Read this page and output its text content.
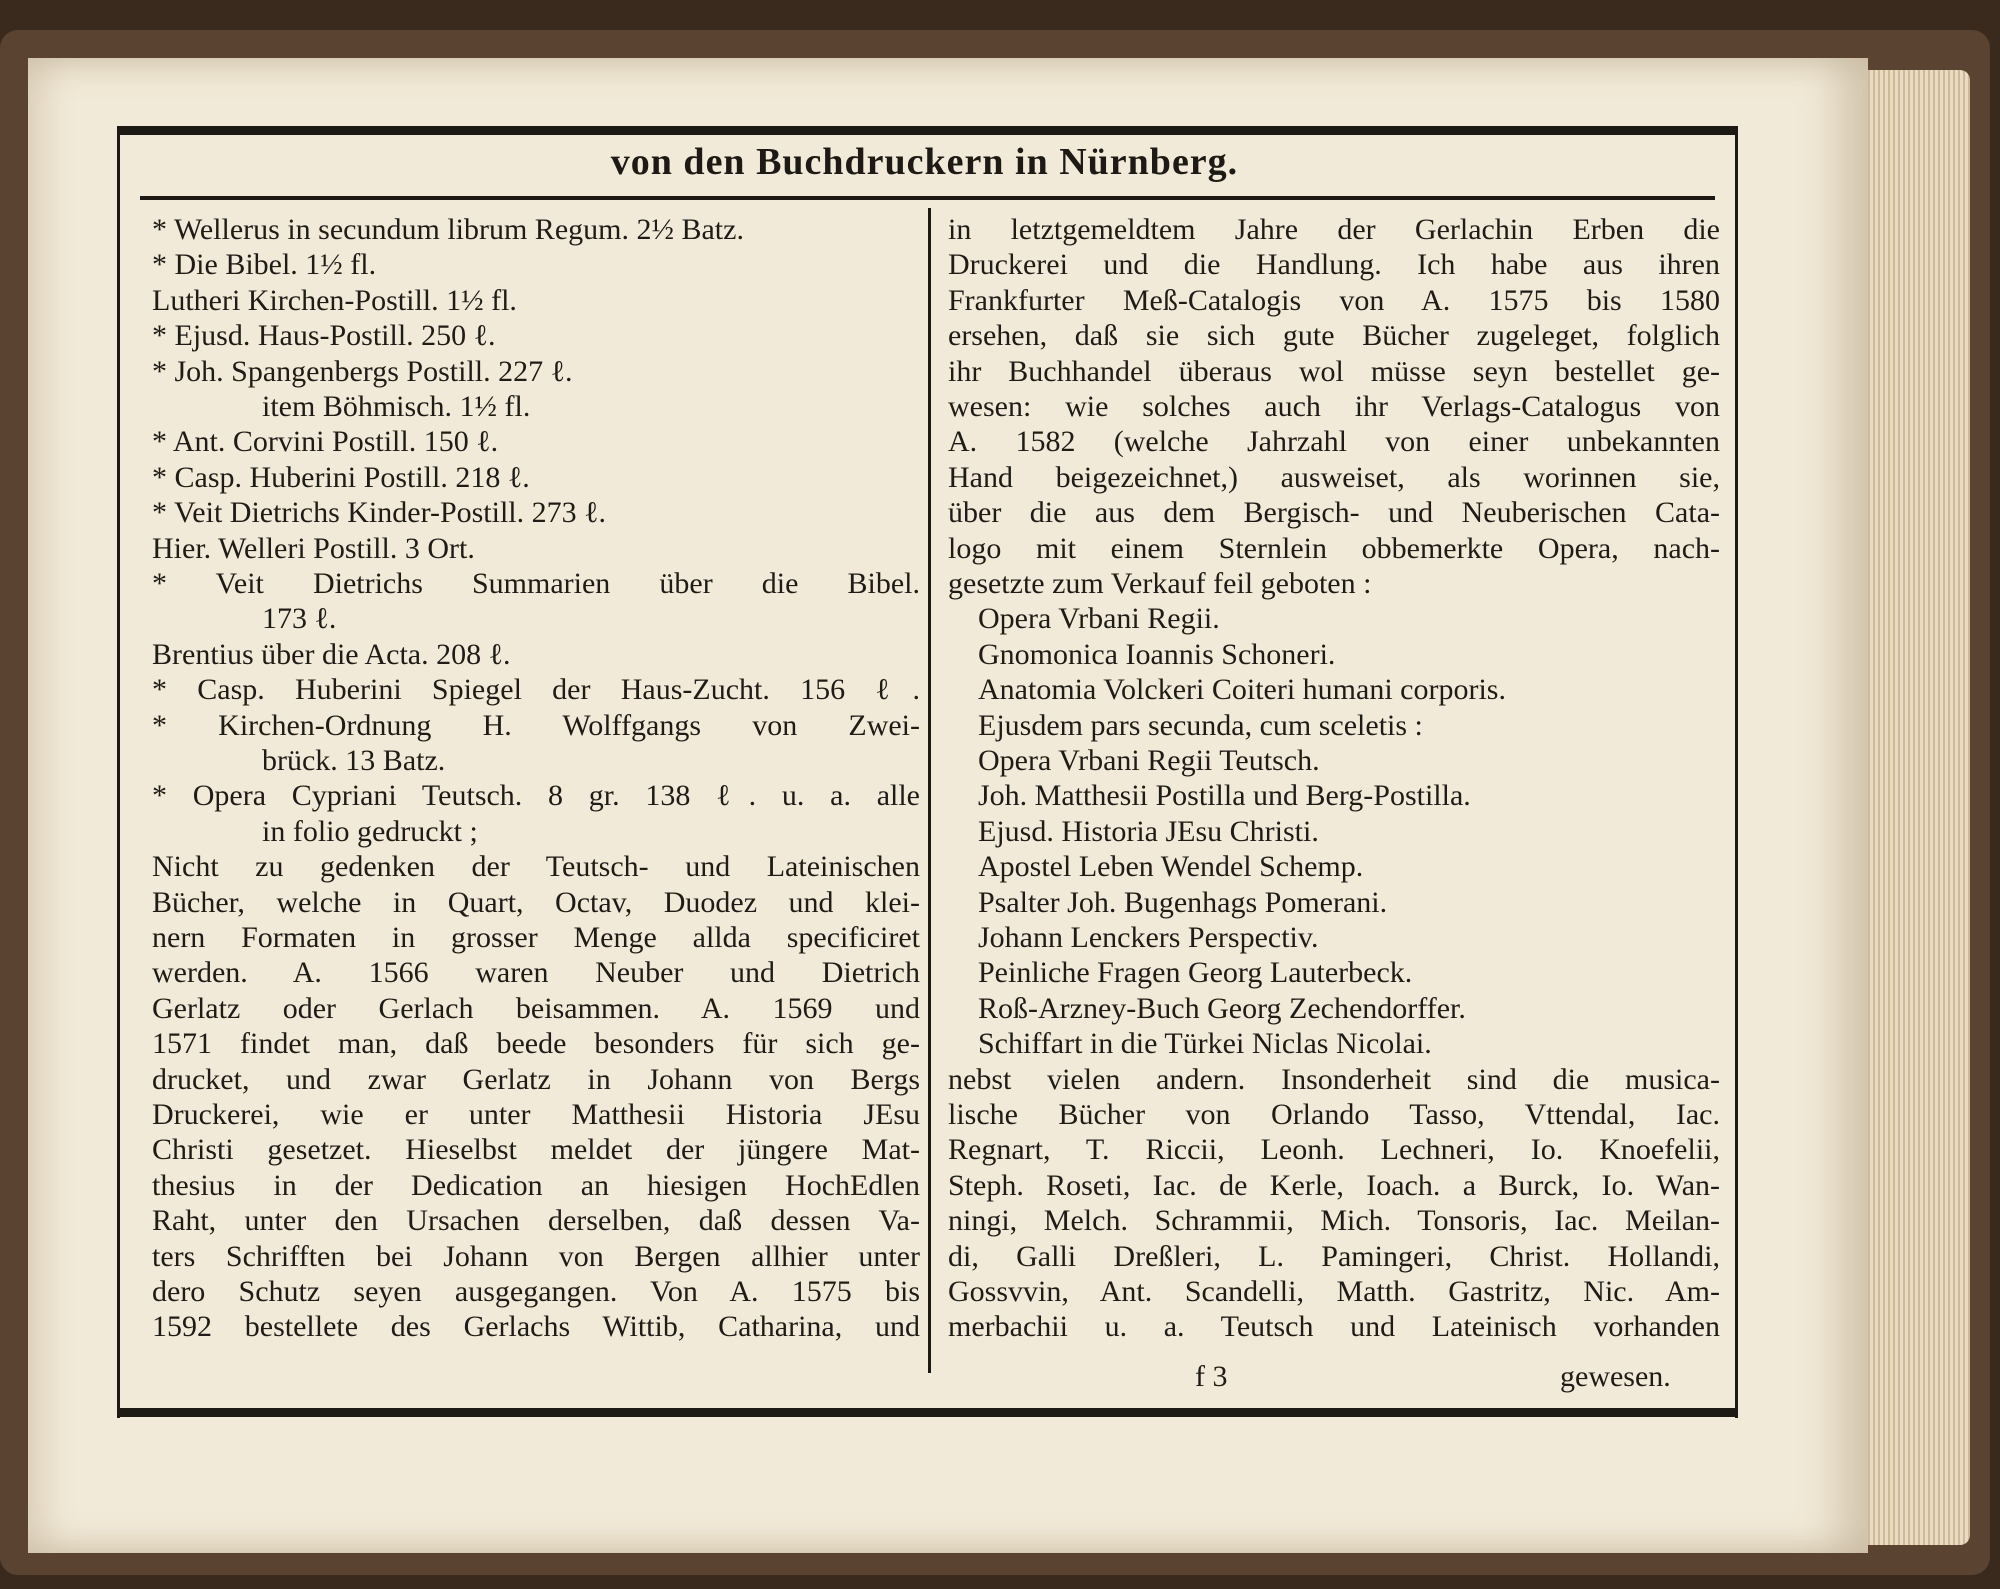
von den Buchdruckern in Nürnberg.
* Wellerus in secundum librum Regum. 2½ Batz.
* Die Bibel. 1½ fl.
Lutheri Kirchen-Postill. 1½ fl.
* Ejusd. Haus-Postill. 250 ℓ.
* Joh. Spangenbergs Postill. 227 ℓ.
item Böhmisch. 1½ fl.
* Ant. Corvini Postill. 150 ℓ.
* Casp. Huberini Postill. 218 ℓ.
* Veit Dietrichs Kinder-Postill. 273 ℓ.
Hier. Welleri Postill. 3 Ort.
* Veit Dietrichs Summarien über die Bibel.
173 ℓ.
Brentius über die Acta. 208 ℓ.
* Casp. Huberini Spiegel der Haus-Zucht. 156 ℓ.
* Kirchen-Ordnung H. Wolffgangs von Zwei-
brück. 13 Batz.
* Opera Cypriani Teutsch. 8 gr. 138 ℓ. u. a. alle
in folio gedruckt ;
Nicht zu gedenken der Teutsch- und Lateinischen
Bücher, welche in Quart, Octav, Duodez und klei-
nern Formaten in grosser Menge allda specificiret
werden. A. 1566 waren Neuber und Dietrich
Gerlatz oder Gerlach beisammen. A. 1569 und
1571 findet man, daß beede besonders für sich ge-
drucket, und zwar Gerlatz in Johann von Bergs
Druckerei, wie er unter Matthesii Historia JEsu
Christi gesetzet. Hieselbst meldet der jüngere Mat-
thesius in der Dedication an hiesigen HochEdlen
Raht, unter den Ursachen derselben, daß dessen Va-
ters Schrifften bei Johann von Bergen allhier unter
dero Schutz seyen ausgegangen. Von A. 1575 bis
1592 bestellete des Gerlachs Wittib, Catharina, und
in letztgemeldtem Jahre der Gerlachin Erben die
Druckerei und die Handlung. Ich habe aus ihren
Frankfurter Meß-Catalogis von A. 1575 bis 1580
ersehen, daß sie sich gute Bücher zugeleget, folglich
ihr Buchhandel überaus wol müsse seyn bestellet ge-
wesen: wie solches auch ihr Verlags-Catalogus von
A. 1582 (welche Jahrzahl von einer unbekannten
Hand beigezeichnet,) ausweiset, als worinnen sie,
über die aus dem Bergisch- und Neuberischen Cata-
logo mit einem Sternlein obbemerkte Opera, nach-
gesetzte zum Verkauf feil geboten :
Opera Vrbani Regii.
Gnomonica Ioannis Schoneri.
Anatomia Volckeri Coiteri humani corporis.
Ejusdem pars secunda, cum sceletis :
Opera Vrbani Regii Teutsch.
Joh. Matthesii Postilla und Berg-Postilla.
Ejusd. Historia JEsu Christi.
Apostel Leben Wendel Schemp.
Psalter Joh. Bugenhags Pomerani.
Johann Lenckers Perspectiv.
Peinliche Fragen Georg Lauterbeck.
Roß-Arzney-Buch Georg Zechendorffer.
Schiffart in die Türkei Niclas Nicolai.
nebst vielen andern. Insonderheit sind die musica-
lische Bücher von Orlando Tasso, Vttendal, Iac.
Regnart, T. Riccii, Leonh. Lechneri, Io. Knoefelii,
Steph. Roseti, Iac. de Kerle, Ioach. a Burck, Io. Wan-
ningi, Melch. Schrammii, Mich. Tonsoris, Iac. Meilan-
di, Galli Dreßleri, L. Pamingeri, Christ. Hollandi,
Gossvvin, Ant. Scandelli, Matth. Gastritz, Nic. Am-
merbachii u. a. Teutsch und Lateinisch vorhanden
f 3	gewesen.
